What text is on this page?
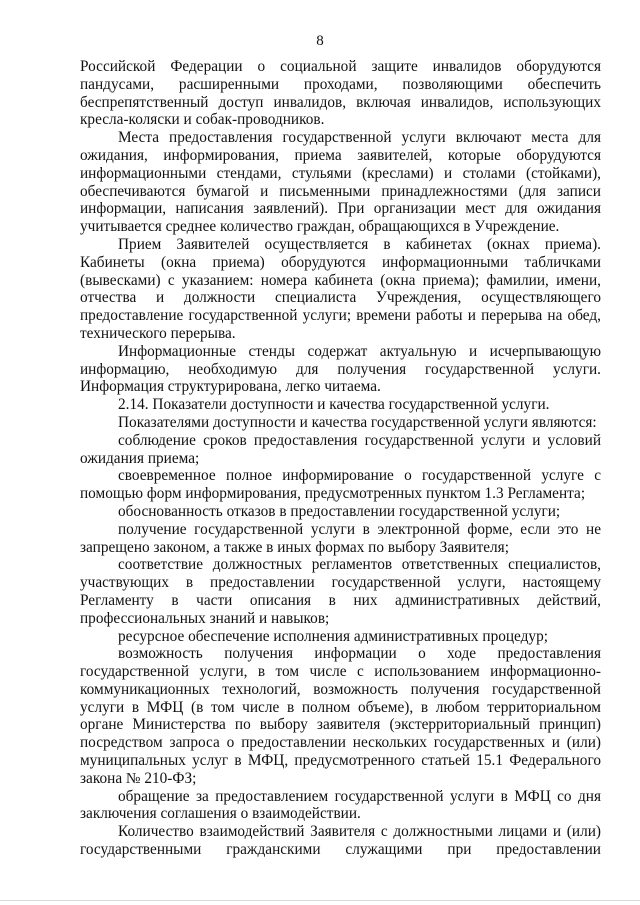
8

Российской Федерации о социальной защите инвалидов оборудуются пандусами, расширенными проходами, позволяющими обеспечить беспрепятственный доступ инвалидов, включая инвалидов, использующих кресла-коляски и собак-проводников.

Места предоставления государственной услуги включают места для ожидания, информирования, приема заявителей, которые оборудуются информационными стендами, стульями (креслами) и столами (стойками), обеспечиваются бумагой и письменными принадлежностями (для записи информации, написания заявлений). При организации мест для ожидания учитывается среднее количество граждан, обращающихся в Учреждение.

Прием Заявителей осуществляется в кабинетах (окнах приема). Кабинеты (окна приема) оборудуются информационными табличками (вывесками) с указанием: номера кабинета (окна приема); фамилии, имени, отчества и должности специалиста Учреждения, осуществляющего предоставление государственной услуги; времени работы и перерыва на обед, технического перерыва.

Информационные стенды содержат актуальную и исчерпывающую информацию, необходимую для получения государственной услуги. Информация структурирована, легко читаема.

2.14. Показатели доступности и качества государственной услуги.

Показателями доступности и качества государственной услуги являются:

соблюдение сроков предоставления государственной услуги и условий ожидания приема;

своевременное полное информирование о государственной услуге с помощью форм информирования, предусмотренных пунктом 1.3 Регламента;

обоснованность отказов в предоставлении государственной услуги;

получение государственной услуги в электронной форме, если это не запрещено законом, а также в иных формах по выбору Заявителя;

соответствие должностных регламентов ответственных специалистов, участвующих в предоставлении государственной услуги, настоящему Регламенту в части описания в них административных действий, профессиональных знаний и навыков;

ресурсное обеспечение исполнения административных процедур;

возможность получения информации о ходе предоставления государственной услуги, в том числе с использованием информационно-коммуникационных технологий, возможность получения государственной услуги в МФЦ (в том числе в полном объеме), в любом территориальном органе Министерства по выбору заявителя (экстерриториальный принцип) посредством запроса о предоставлении нескольких государственных и (или) муниципальных услуг в МФЦ, предусмотренного статьей 15.1 Федерального закона № 210-ФЗ;

обращение за предоставлением государственной услуги в МФЦ со дня заключения соглашения о взаимодействии.

Количество взаимодействий Заявителя с должностными лицами и (или) государственными гражданскими служащими при предоставлении
